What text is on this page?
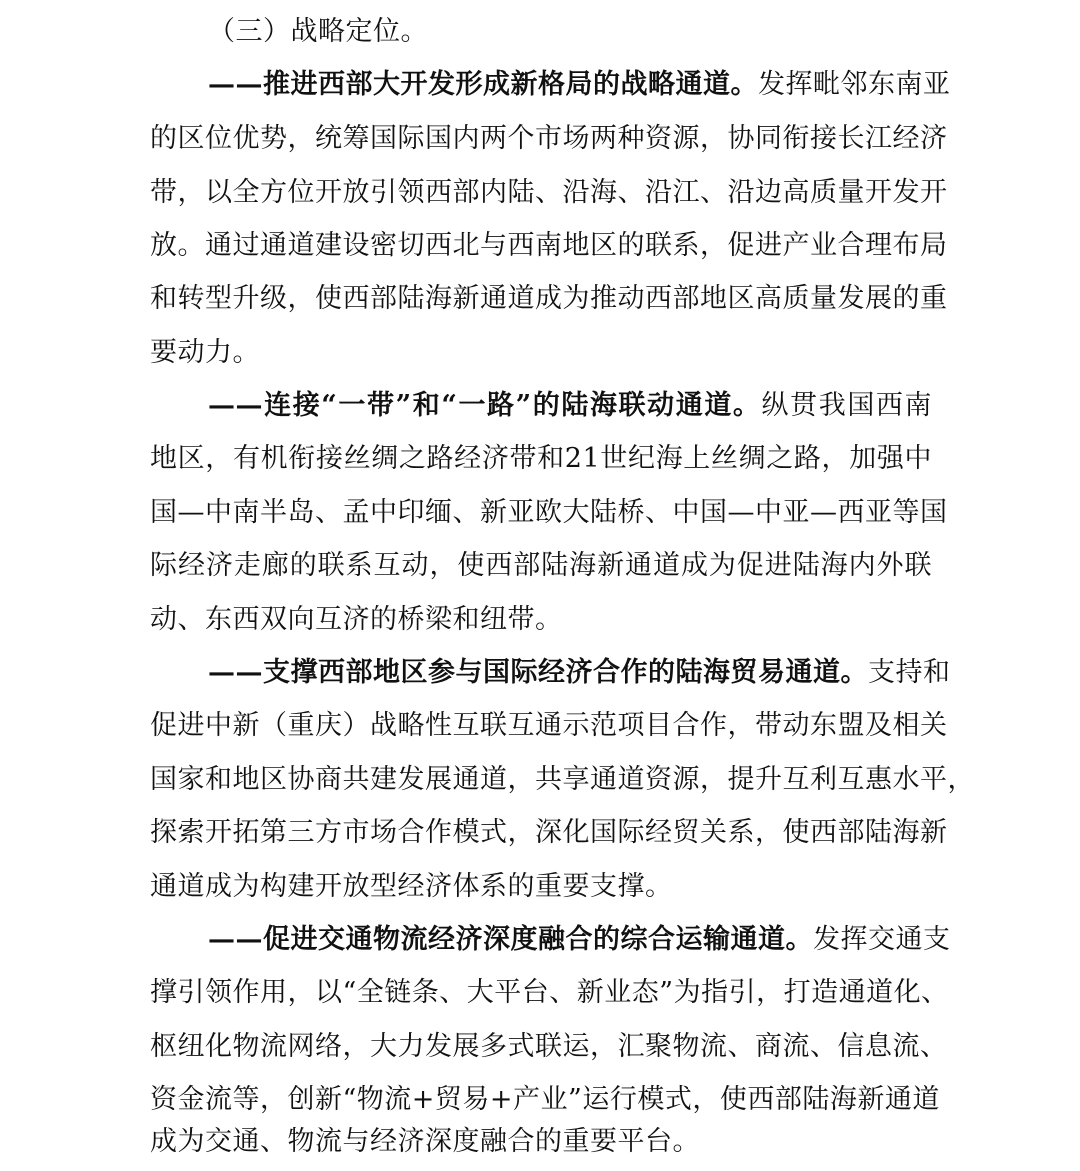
（三）战略定位。
——推进西部大开发形成新格局的战略通道。发挥毗邻东南亚
的区位优势，统筹国际国内两个市场两种资源，协同衔接长江经济
带，以全方位开放引领西部内陆、沿海、沿江、沿边高质量开发开
放。通过通道建设密切西北与西南地区的联系，促进产业合理布局
和转型升级，使西部陆海新通道成为推动西部地区高质量发展的重
要动力。
——连接“一带”和“一路”的陆海联动通道。纵贯我国西南
地区，有机衔接丝绸之路经济带和21世纪海上丝绸之路，加强中
国—中南半岛、孟中印缅、新亚欧大陆桥、中国—中亚—西亚等国
际经济走廊的联系互动，使西部陆海新通道成为促进陆海内外联
动、东西双向互济的桥梁和纽带。
——支撑西部地区参与国际经济合作的陆海贸易通道。支持和
促进中新（重庆）战略性互联互通示范项目合作，带动东盟及相关
国家和地区协商共建发展通道，共享通道资源，提升互利互惠水平，
探索开拓第三方市场合作模式，深化国际经贸关系，使西部陆海新
通道成为构建开放型经济体系的重要支撑。
——促进交通物流经济深度融合的综合运输通道。发挥交通支
撑引领作用，以“全链条、大平台、新业态”为指引，打造通道化、
枢纽化物流网络，大力发展多式联运，汇聚物流、商流、信息流、
资金流等，创新“物流+贸易+产业”运行模式，使西部陆海新通道
成为交通、物流与经济深度融合的重要平台。
